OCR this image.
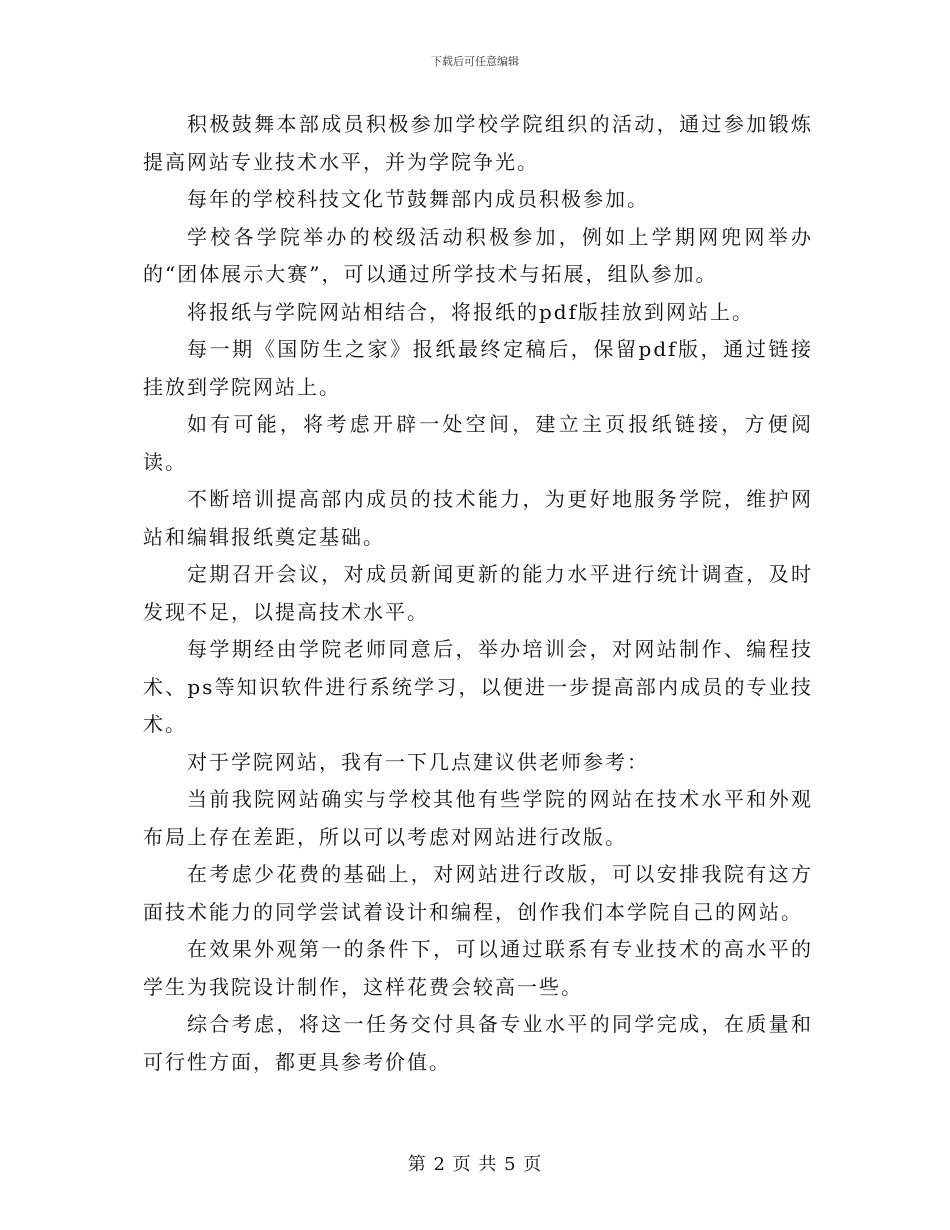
下载后可任意编辑

积极鼓舞本部成员积极参加学校学院组织的活动，通过参加锻炼提高网站专业技术水平，并为学院争光。

每年的学校科技文化节鼓舞部内成员积极参加。

学校各学院举办的校级活动积极参加，例如上学期网兜网举办的“团体展示大赛”，可以通过所学技术与拓展，组队参加。

将报纸与学院网站相结合，将报纸的pdf版挂放到网站上。

每一期《国防生之家》报纸最终定稿后，保留pdf版，通过链接挂放到学院网站上。

如有可能，将考虑开辟一处空间，建立主页报纸链接，方便阅读。

不断培训提高部内成员的技术能力，为更好地服务学院，维护网站和编辑报纸奠定基础。

定期召开会议，对成员新闻更新的能力水平进行统计调查，及时发现不足，以提高技术水平。

每学期经由学院老师同意后，举办培训会，对网站制作、编程技术、ps等知识软件进行系统学习，以便进一步提高部内成员的专业技术。

对于学院网站，我有一下几点建议供老师参考：

当前我院网站确实与学校其他有些学院的网站在技术水平和外观布局上存在差距，所以可以考虑对网站进行改版。

在考虑少花费的基础上，对网站进行改版，可以安排我院有这方面技术能力的同学尝试着设计和编程，创作我们本学院自己的网站。

在效果外观第一的条件下，可以通过联系有专业技术的高水平的学生为我院设计制作，这样花费会较高一些。

综合考虑，将这一任务交付具备专业水平的同学完成，在质量和可行性方面，都更具参考价值。

第 2 页 共 5 页
